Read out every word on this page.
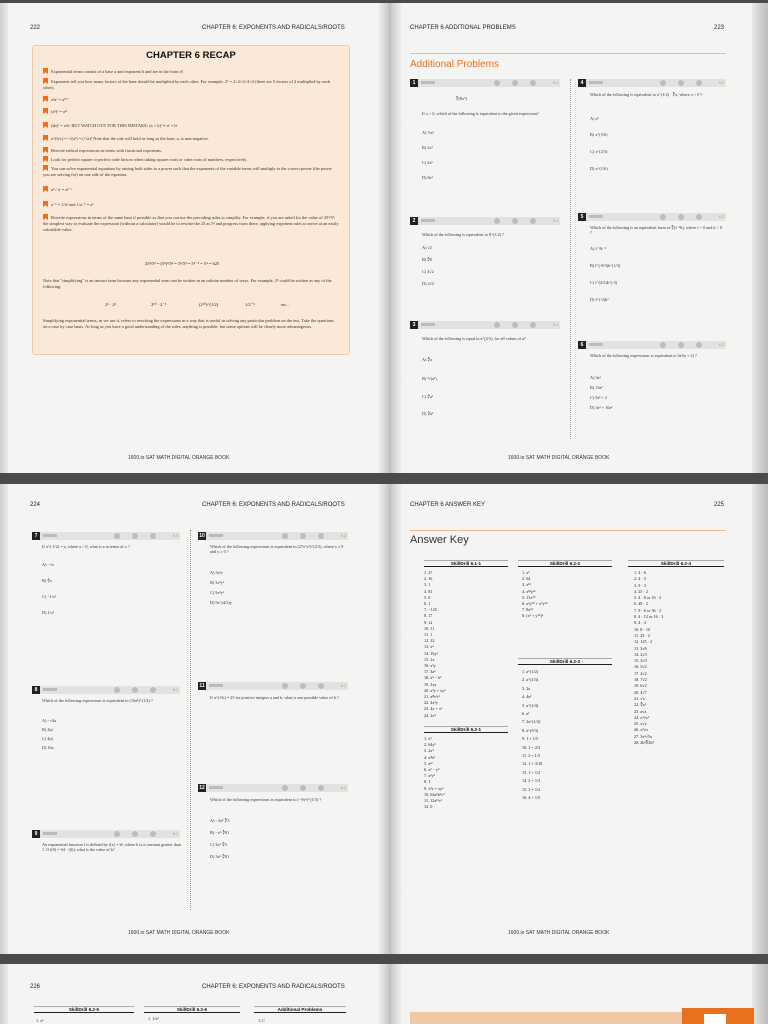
222	CHAPTER 6: EXPONENTS AND RADICALS/ROOTS	CHAPTER 6 ADDITIONAL PROBLEMS	223
CHAPTER 6 RECAP
Exponential terms consist of a base a and exponent b and are in the form aᵇ.
Exponents tell you how many factors of the base should be multiplied by each other. For example, 2⁵ = 2×2×2×2×2 (there are 5 factors of 2 multiplied by each other).
aᵇaᶜ = aᵇ⁺ᶜ
(aᵇ)ᶜ = aᵇᶜ
(ab)ᶜ = aᶜbᶜ BUT WATCH OUT FOR THIS MISTAKE: (a + b)ᶜ ≠ aᶜ + bᶜ
a^(b/c) = ᶜ√(aᵇ) = (ᶜ√a)ᵇ Note that the rule will hold as long as the base, a, is non-negative.
Rewrite radical expressions as terms with fractional exponents.
Look for perfect square or perfect cube factors when taking square roots or cube roots of numbers, respectively.
You can solve exponential equations by raising both sides to a power such that the exponents of the variable terms will multiply to the correct power (the power you are solving for) on one side of the equation.
aᵇ / aᶜ = aᵇ⁻ᶜ
a⁻ᵇ = 1/aᵇ and 1/a⁻ᵇ = aᵇ
Rewrite expressions in terms of the same base if possible so that you can use the preceding rules to simplify. For example, if you are asked for the value of 25³/5², the simplest way to evaluate the expression (without a calculator) would be to rewrite the 25 as 5² and progress from there, applying exponent rules to arrive at an easily calculable value.
25³/5² = (5²)³/5² = 5⁶/5² = 5⁶⁻² = 5⁴ = 625
Note that "simplifying" is an inexact term because any exponential term can be written in an infinite number of ways. For example, 2⁵ could be written as any of the following:
2³ · 2²	2¹⁰ · 2⁻⁵	(2¹⁰)^(1/2)	1/2⁻⁵	etc...
Simplifying exponential terms, as we use it, refers to rewriting the expressions in a way that is useful in solving any particular problem on the test. Take the questions on a case by case basis. As long as you have a good understanding of the rules, anything is possible, but some options will be clearly more advantageous.
1600.io SAT MATH DIGITAL ORANGE BOOK	1600.io SAT MATH DIGITAL ORANGE BOOK
Additional Problems
1	6.2
∛(8x⁹)
If x > 0, which of the following is equivalent to the given expression?
A) ⅓x³
B) 2x³
C) 2x⁶
D) 8x³
2	6.2
Which of the following is equivalent to 8^(1/2) ?
A) √2
B) ∛8
C) 4√2
D) 2√2
3	6.2
Which of the following is equal to a^(2/3), for all values of a?
A) ∛a
B) ³√(a²)
C) ∜a³
D) ∜a²
4	6.2
Which of the following is equivalent to x^(1/2) · ∛x, where x > 0 ?
A) x⁶
B) x^(5/6)
C) x^(2/3)
D) x^(1/6)
5	6.2
Which of the following is an equivalent form of ∛(f⁻⁸k), where f > 0 and k > 0 ?
A) f⁻⁸k⁻³
B) f^(-8/3)k^(1/3)
C) f^(2/3)k^(-3)
D) f^(-2)k³
6	6.2
Which of the following expressions is equivalent to 5a²(a + 2) ?
A) 5a³
B) 15a³
C) 5a³ + 2
D) 5a³ + 10a²
224	CHAPTER 6: EXPONENTS AND RADICALS/ROOTS	CHAPTER 6 ANSWER KEY	225
7	6.3
If a^(-1/2) = x, where a > 0, what is a in terms of x ?
A) −√x
B) ∜x
C) −1/x²
D) 1/x²
8	6.2
Which of the following expressions is equivalent to (16a⁴)^(1/4) ?
A) −√4a
B) 2|a|
C) 4|a|
D) 16a
9	6.2
An exponential function f is defined by f(x) = bˣ, where b is a constant greater than 1. If f(9) = 64 · f(6), what is the value of b?
10	6.2
Which of the following expressions is equivalent to (27x⁶y³)^(2/3), where x ≥ 0 and y ≥ 0 ?
A) 3x²y
B) 3x⁴y²
C) 9x⁴y²
D) 9x^(4/3)y
11	6.2
If a^(1/b) = 25 for positive integers a and b, what is one possible value of b ?
12	6.2
Which of the following expressions is equivalent to (−9x⁶)^(1/3) ?
A) −3x²·∛3
B) −x²·∛81
C) 3x²·∛3
D) 3x²·∛81
1600.io SAT MATH DIGITAL ORANGE BOOK	1600.io SAT MATH DIGITAL ORANGE BOOK
Answer Key
SkillDrill 6.1-1
1. 27
2. 16
3. 1
4. 81
5. 0
6. 1
7. −125
8. 17
9. 12
10. 11
11. 1
12. 32
13. x²
14. 16y²
15. 2x
16. x³y
17. 3a³
18. x³ − b³
19. 2xy
20. x³y + xy²
21. a²b²c²
22. 4x²y
23. 4x + x³
24. 2x²
SkillDrill 6.2-1
1. x⁹
2. 64y⁵
3. 2x³
4. x³b³
5. a¹²
6. x³ − y³
7. x³y⁵
8. 1
9. x³y + xy²
10. 64a⁶b⁶c⁹
11. 12a¹⁵c³
12. 0
SkillDrill 6.2-2
1. x⁵
2. 64
3. x¹⁸
4. x¹⁸y²¹
5. 13x¹⁰
6. x²y¹⁰ + x⁵y¹⁰
7. 8x¹⁶
8. (x³ + y¹⁰)²
SkillDrill 6.2-3
1. a^(1/2)
2. a^(1/3)
3. 2a
4. 4a²
5. a^(1/4)
6. a²
7. 2a^(1/2)
8. a^(5/3)
9. 1 + 1/5
10. 1 + 2/3
11. 2 + 1/3
12. 1 + 3/10
13. 1 + 1/2
14. 2 + 1/3
15. 2 + 1/2
16. 4 + 1/5
SkillDrill 6.2-4
1. 4 · 6
2. 4 · 3
3. 9 · 3
4. 25 · 2
5. 4 · 8 or 16 · 2
6. 49 · 2
7. 9 · 6 or 36 · 2
8. 4 · 12 or 16 · 3
9. 4 · 4
10. 8 · 10
11. 25 · 2
12. 125 · 2
13. 2√6
14. 2√3
15. 3√3
16. 5√2
17. 4√2
18. 7√2
19. 6√2
20. 4√7
21. √x
22. ∛y²
23. a√a
24. x³√x²
25. x√y
26. x³√x
27. 3x²√5x
28. 2b²∛2b²
226	CHAPTER 6: EXPONENTS AND RADICALS/ROOTS
SkillDrill 6.2-5	SkillDrill 6.2-6	Additional Problems
1. x²	1. 1/x³	1. C
|
